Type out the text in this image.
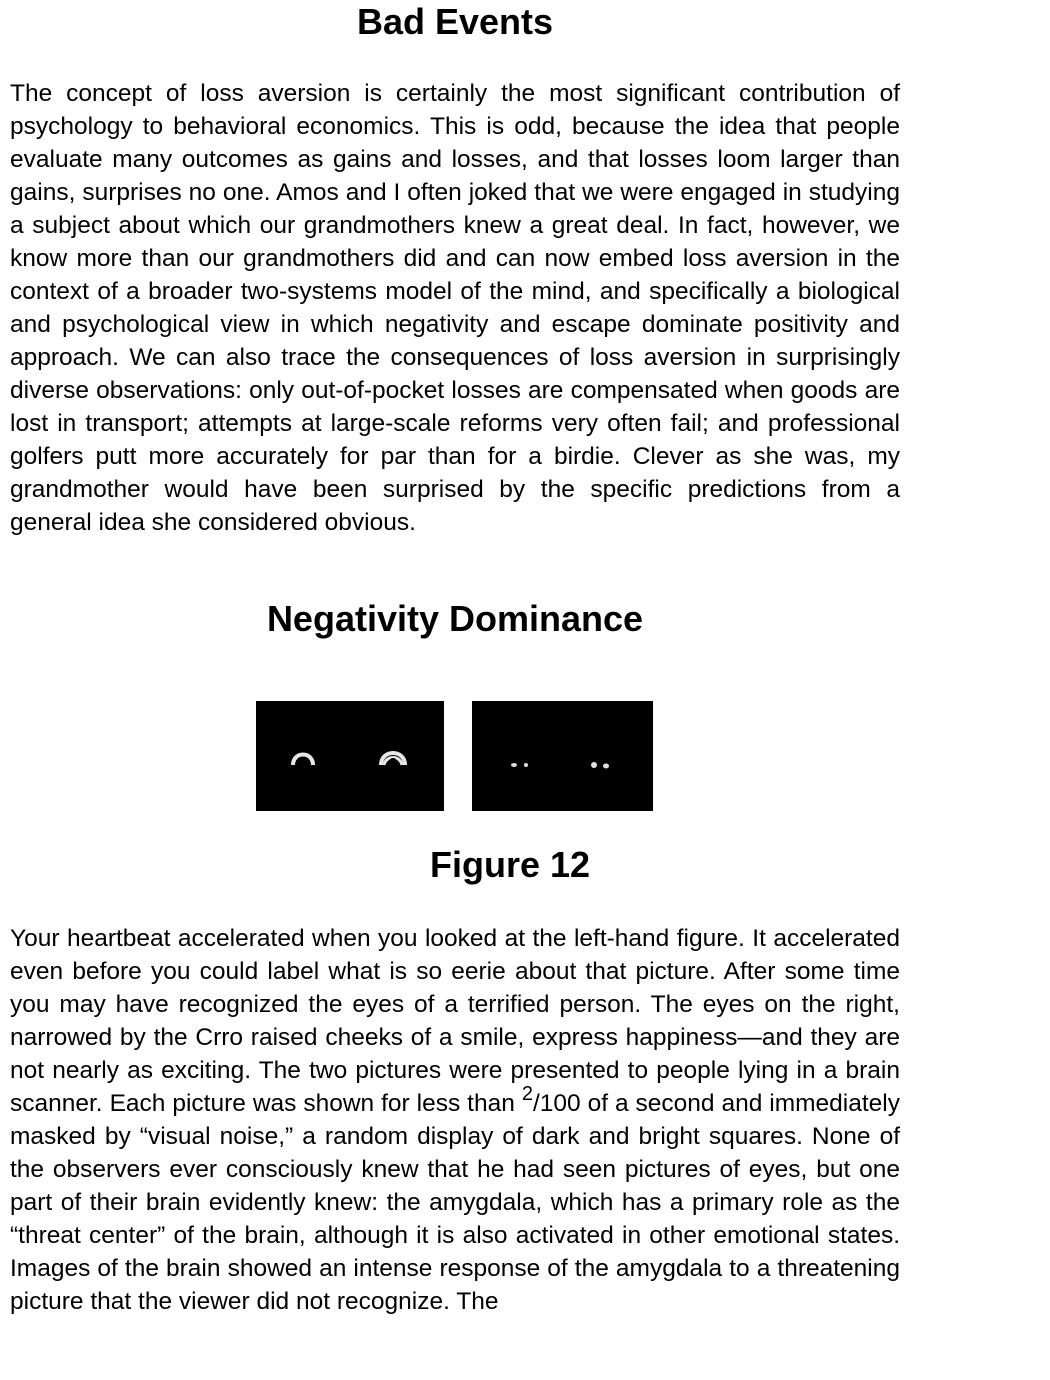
Bad Events

The concept of loss aversion is certainly the most significant contribution of psychology to behavioral economics. This is odd, because the idea that people evaluate many outcomes as gains and losses, and that losses loom larger than gains, surprises no one. Amos and I often joked that we were engaged in studying a subject about which our grandmothers knew a great deal. In fact, however, we know more than our grandmothers did and can now embed loss aversion in the context of a broader two-systems model of the mind, and specifically a biological and psychological view in which negativity and escape dominate positivity and approach. We can also trace the consequences of loss aversion in surprisingly diverse observations: only out-of-pocket losses are compensated when goods are lost in transport; attempts at large-scale reforms very often fail; and professional golfers putt more accurately for par than for a birdie. Clever as she was, my grandmother would have been surprised by the specific predictions from a general idea she considered obvious.

Negativity Dominance
Figure 12

Your heartbeat accelerated when you looked at the left-hand figure. It accelerated even before you could label what is so eerie about that picture. After some time you may have recognized the eyes of a terrified person. The eyes on the right, narrowed by the Crro raised cheeks of a smile, express happiness—and they are not nearly as exciting. The two pictures were presented to people lying in a brain scanner. Each picture was shown for less than $^2$/100 of a second and immediately masked by “visual noise,” a random display of dark and bright squares. None of the observers ever consciously knew that he had seen pictures of eyes, but one part of their brain evidently knew: the amygdala, which has a primary role as the “threat center” of the brain, although it is also activated in other emotional states. Images of the brain showed an intense response of the amygdala to a threatening picture that the viewer did not recognize. The
